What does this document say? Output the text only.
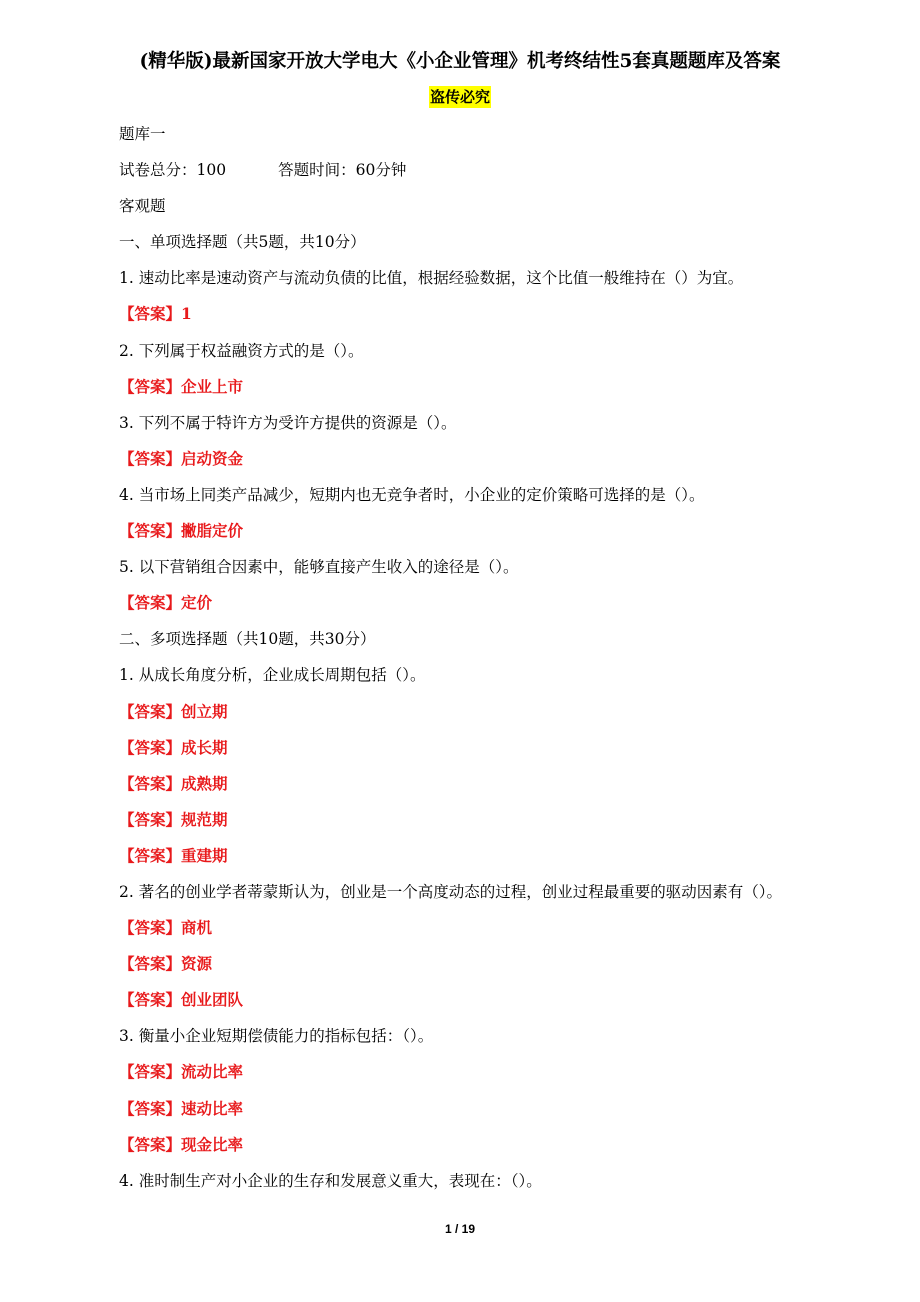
(精华版)最新国家开放大学电大《小企业管理》机考终结性5套真题题库及答案
盗传必究
题库一
试卷总分：100	答题时间：60分钟
客观题
一、单项选择题（共5题，共10分）
1. 速动比率是速动资产与流动负债的比值，根据经验数据，这个比值一般维持在（）为宜。
【答案】1
2. 下列属于权益融资方式的是（）。
【答案】企业上市
3. 下列不属于特许方为受许方提供的资源是（）。
【答案】启动资金
4. 当市场上同类产品减少，短期内也无竞争者时，小企业的定价策略可选择的是（）。
【答案】撇脂定价
5. 以下营销组合因素中，能够直接产生收入的途径是（）。
【答案】定价
二、多项选择题（共10题，共30分）
1. 从成长角度分析，企业成长周期包括（）。
【答案】创立期
【答案】成长期
【答案】成熟期
【答案】规范期
【答案】重建期
2. 著名的创业学者蒂蒙斯认为，创业是一个高度动态的过程，创业过程最重要的驱动因素有（）。
【答案】商机
【答案】资源
【答案】创业团队
3. 衡量小企业短期偿债能力的指标包括：（）。
【答案】流动比率
【答案】速动比率
【答案】现金比率
4. 准时制生产对小企业的生存和发展意义重大，表现在：（）。
1 / 19
